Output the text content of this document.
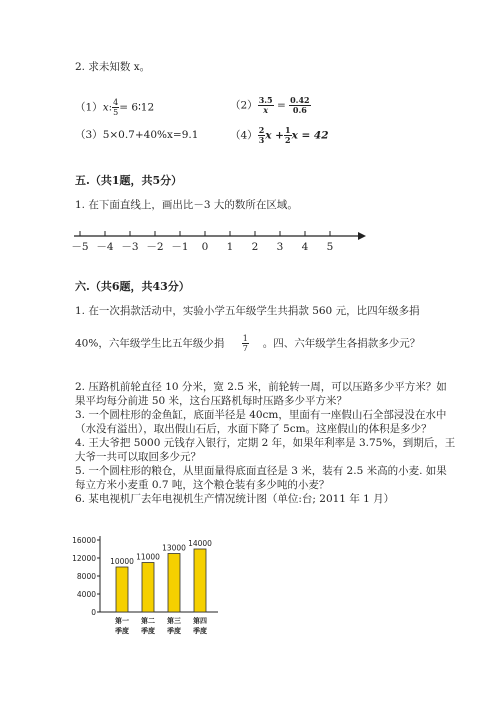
2. 求未知数 x。
（1）x: $\frac{4}{5}$ = 6∶12	$(2) \frac{3.5}{x} = \frac{0.42}{0.6}$
（3）5×0.7+40%x=9.1	$(4) \frac{2}{3}$ $x + \frac{1}{2}$ x = 42
五.（共1题，共5分）
1. 在下面直线上，画出比－3 大的数所在区域。
－5 －4 －3 －2 －1 0 1 2 3 4 5
六.（共6题，共43分）
1. 在一次捐款活动中，实验小学五年级学生共捐款 560 元，比四年级多捐
40%，六年级学生比五年级少捐 $\frac{1}{7}$ 。四、六年级学生各捐款多少元？
2. 压路机前轮直径 10 分米，宽 2.5 米，前轮转一周，可以压路多少平方米？如
果平均每分前进 50 米，这台压路机每时压路多少平方米？
3. 一个圆柱形的金鱼缸，底面半径是 40cm，里面有一座假山石全部浸没在水中
（水没有溢出），取出假山石后，水面下降了 5cm。这座假山的体积是多少？
4. 王大爷把 5000 元钱存入银行，定期 2 年，如果年利率是 3.75%，到期后，王
大爷一共可以取回多少元？
5. 一个圆柱形的粮仓，从里面量得底面直径是 3 米，装有 2.5 米高的小麦. 如果
每立方米小麦重 0.7 吨，这个粮仓装有多少吨的小麦？
6. 某电视机厂去年电视机生产情况统计图（单位:台; 2011 年 1 月）
0
4000
8000
12000
16000
10000
第一
季度
11000
第二
季度
13000
第三
季度
14000
第四
季度
